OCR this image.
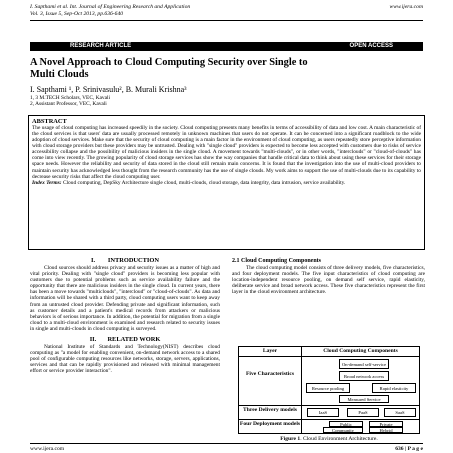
I. Sapthami et al. Int. Journal of Engineering Research and Application
Vol. 3, Issue 5, Sep-Oct 2013, pp.636-640
www.ijera.com
RESEARCH ARTICLE	OPEN ACCESS
A Novel Approach to Cloud Computing Security over Single to Multi Clouds
I. Sapthami ¹, P. Srinivasulu², B. Murali Krishna³
1, 3 M.TECH Scholars, VEC, Kavali
2, Assistant Professor, VEC, Kavali
ABSTRACT

The usage of cloud computing has increased speedily in the society. Cloud computing presents many benefits in terms of accessibility of data and low cost. A main characteristic of the cloud services is that users' data are usually processed remotely in unknown machines that users do not operate. It can be concerned into a significant roadblock to the wide adoption of cloud services. Make sure that the security of cloud computing is a main factor in the environment of cloud computing, as users repeatedly store perceptive information with cloud storage providers but these providers may be untrusted. Dealing with "single cloud" providers is expected to become less accepted with customers due to risks of service accessibility collapse and the possibility of malicious insiders in the single cloud. A movement towards "multi-clouds", or in other words, "interclouds" or "cloud-of-clouds" has come into view recently. The growing popularity of cloud storage services has show the way companies that handle critical data to think about using these services for their storage space needs. However the reliability and security of data stored in the cloud still remain main concerns. It is found that the investigation into the use of multi-cloud providers to maintain security has acknowledged less thought from the research community has the use of single clouds. My work aims to support the use of multi-clouds due to its capability to decrease security risks that affect the cloud computing user.

Index Terms: Cloud computing, DepSky Architecture single cloud, multi-clouds, cloud storage, data integrity, data intrusion, service availability.

I.        INTRODUCTION

Cloud sources should address privacy and security issues as a matter of high and vital priority. Dealing with "single cloud" providers is becoming less popular with customers due to potential problems such as service availability failure and the opportunity that there are malicious insiders in the single cloud. In current years, there has been a move towards "multiclouds", "intercloud" or "cloud-of-clouds". As data and information will be shared with a third party, cloud computing users want to keep away from an untrusted cloud provider. Defending private and significant information, such as customer details and a patient's medical records from attackers or malicious behaviors is of serious importance. In addition, the potential for migration from a single cloud to a multi-cloud environment is examined and research related to security issues in single and multi-clouds in cloud computing is surveyed.

II.       RELATED WORK

National Institute of Standards and Technology(NIST) describes cloud computing as "a model for enabling convenient, on-demand network access to a shared pool of configurable computing resources like networks, storage, servers, applications, services and that can be rapidly provisioned and released with minimal management effort or service provider interaction".

2.1 Cloud Computing Components

The cloud computing model consists of three delivery models, five characteristics, and four deployment models. The five input characteristics of cloud computing are location-independent resource pooling, on demand self service, rapid elasticity, deliberate service and broad network access. These five characteristics represent the first layer in the cloud environment architecture.

Layer	Cloud Computing Components
Five Characteristics
On-demand self-service
Broad network access
Resource pooling	Rapid elasticity
Measured Service
Three Delivery models	IaaS	PaaS	SaaS
Four Deployment models	Public	Private
Community	Hybrid
Figure 1. Cloud Environment Architecture.
www.ijera.com	636 | P a g e
